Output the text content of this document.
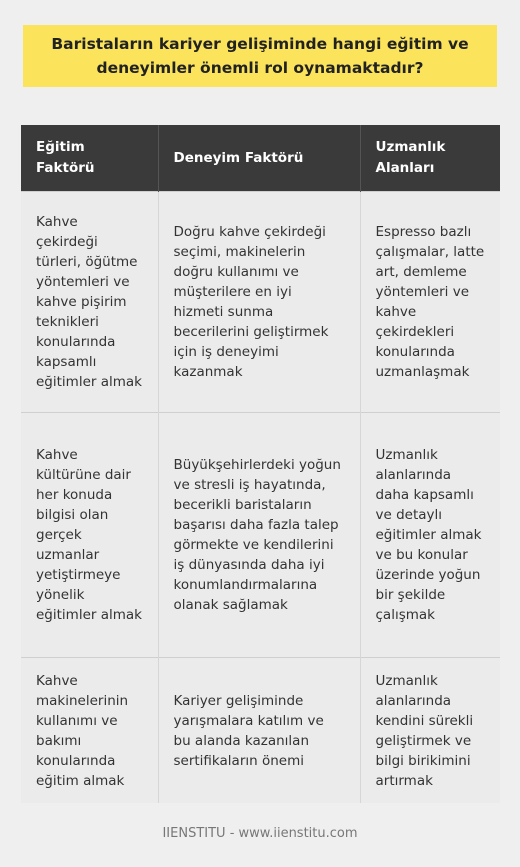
Baristaların kariyer gelişiminde hangi eğitim ve deneyimler önemli rol oynamaktadır?
Eğitim Faktörü	Deneyim Faktörü	Uzmanlık Alanları
Kahve çekirdeği türleri, öğütme yöntemleri ve kahve pişirim teknikleri konularında kapsamlı eğitimler almak	Doğru kahve çekirdeği seçimi, makinelerin doğru kullanımı ve müşterilere en iyi hizmeti sunma becerilerini geliştirmek için iş deneyimi kazanmak	Espresso bazlı çalışmalar, latte art, demleme yöntemleri ve kahve çekirdekleri konularında uzmanlaşmak
Kahve kültürüne dair her konuda bilgisi olan gerçek uzmanlar yetiştirmeye yönelik eğitimler almak	Büyükşehirlerdeki yoğun ve stresli iş hayatında, becerikli baristaların başarısı daha fazla talep görmekte ve kendilerini iş dünyasında daha iyi konumlandırmalarına olanak sağlamak	Uzmanlık alanlarında daha kapsamlı ve detaylı eğitimler almak ve bu konular üzerinde yoğun bir şekilde çalışmak
Kahve makinelerinin kullanımı ve bakımı konularında eğitim almak	Kariyer gelişiminde yarışmalara katılım ve bu alanda kazanılan sertifikaların önemi	Uzmanlık alanlarında kendini sürekli geliştirmek ve bilgi birikimini artırmak
IIENSTITU - www.iienstitu.com
